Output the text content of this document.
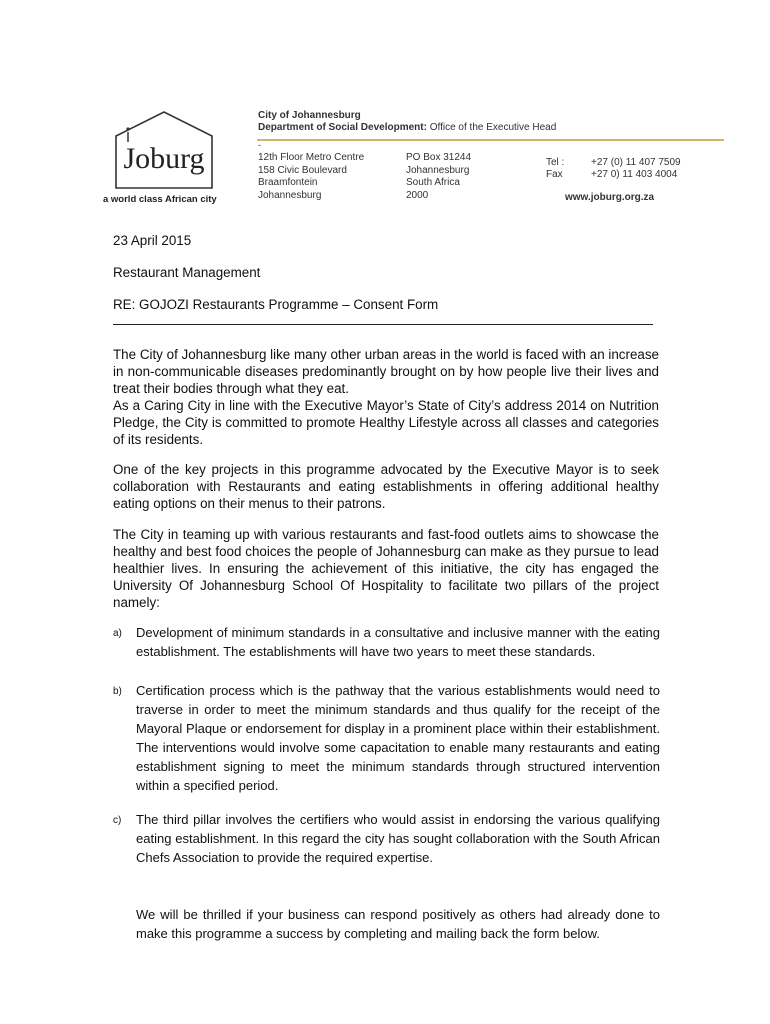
Joburg
a world class African city
City of Johannesburg
Department of Social Development: Office of the Executive Head
-
12th Floor Metro Centre
158 Civic Boulevard
Braamfontein
Johannesburg
PO Box 31244
Johannesburg
South Africa
2000
Tel :	+27 (0) 11 407 7509
Fax	+27 0) 11 403 4004
www.joburg.org.za
23 April 2015
Restaurant Management
RE: GOJOZI Restaurants Programme – Consent Form
The City of Johannesburg like many other urban areas in the world is faced with an increase in non-communicable diseases predominantly brought on by how people live their lives and treat their bodies through what they eat.
As a Caring City in line with the Executive Mayor’s State of City’s address 2014 on Nutrition Pledge, the City is committed to promote Healthy Lifestyle across all classes and categories of its residents.
One of the key projects in this programme advocated by the Executive Mayor is to seek collaboration with Restaurants and eating establishments in offering additional healthy eating options on their menus to their patrons.
The City in teaming up with various restaurants and fast-food outlets aims to showcase the healthy and best food choices the people of Johannesburg can make as they pursue to lead healthier lives. In ensuring the achievement of this initiative, the city has engaged the University Of Johannesburg School Of Hospitality to facilitate two pillars of the project namely:
a) Development of minimum standards in a consultative and inclusive manner with the eating establishment. The establishments will have two years to meet these standards.
b) Certification process which is the pathway that the various establishments would need to traverse in order to meet the minimum standards and thus qualify for the receipt of the Mayoral Plaque or endorsement for display in a prominent place within their establishment. The interventions would involve some capacitation to enable many restaurants and eating establishment signing to meet the minimum standards through structured intervention within a specified period.
c) The third pillar involves the certifiers who would assist in endorsing the various qualifying eating establishment. In this regard the city has sought collaboration with the South African Chefs Association to provide the required expertise.
We will be thrilled if your business can respond positively as others had already done to make this programme a success by completing and mailing back the form below.
